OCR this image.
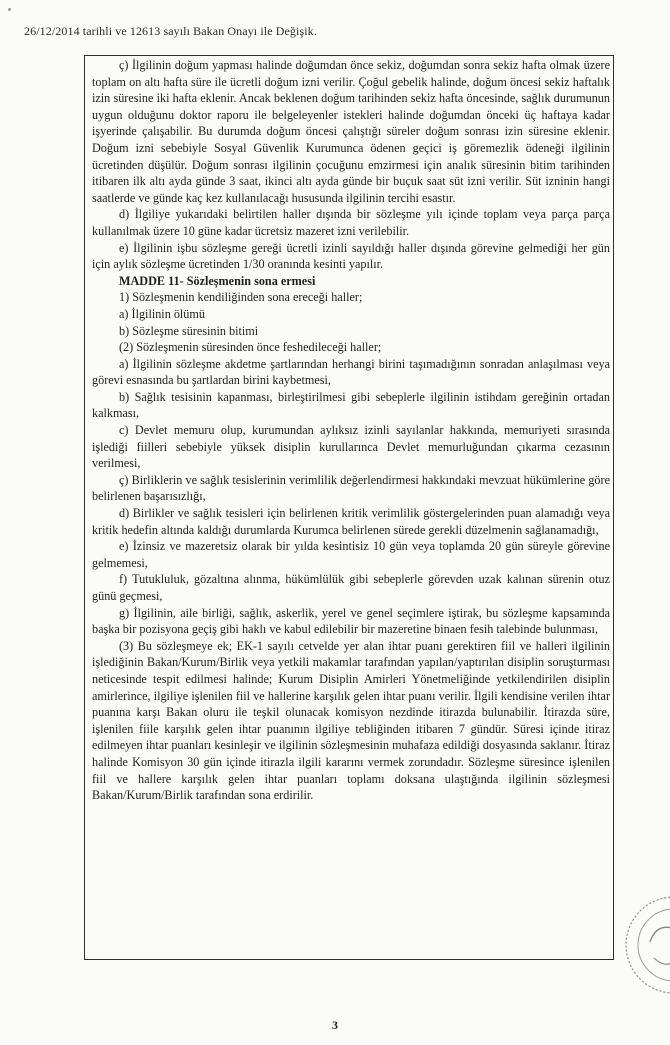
26/12/2014 tarihli ve 12613 sayılı Bakan Onayı ile Değişik.

ç) İlgilinin doğum yapması halinde doğumdan önce sekiz, doğumdan sonra sekiz hafta olmak üzere toplam on altı hafta süre ile ücretli doğum izni verilir. Çoğul gebelik halinde, doğum öncesi sekiz haftalık izin süresine iki hafta eklenir. Ancak beklenen doğum tarihinden sekiz hafta öncesinde, sağlık durumunun uygun olduğunu doktor raporu ile belgeleyenler istekleri halinde doğumdan önceki üç haftaya kadar işyerinde çalışabilir. Bu durumda doğum öncesi çalıştığı süreler doğum sonrası izin süresine eklenir. Doğum izni sebebiyle Sosyal Güvenlik Kurumunca ödenen geçici iş göremezlik ödeneği ilgilinin ücretinden düşülür. Doğum sonrası ilgilinin çocuğunu emzirmesi için analık süresinin bitim tarihinden itibaren ilk altı ayda günde 3 saat, ikinci altı ayda günde bir buçuk saat süt izni verilir. Süt izninin hangi saatlerde ve günde kaç kez kullanılacağı hususunda ilgilinin tercihi esastır.

d) İlgiliye yukarıdaki belirtilen haller dışında bir sözleşme yılı içinde toplam veya parça parça kullanılmak üzere 10 güne kadar ücretsiz mazeret izni verilebilir.

e) İlgilinin işbu sözleşme gereği ücretli izinli sayıldığı haller dışında görevine gelmediği her gün için aylık sözleşme ücretinden 1/30 oranında kesinti yapılır.

MADDE 11- Sözleşmenin sona ermesi

1) Sözleşmenin kendiliğinden sona ereceği haller;

a) İlgilinin ölümü

b) Sözleşme süresinin bitimi

(2) Sözleşmenin süresinden önce feshedileceği haller;

a) İlgilinin sözleşme akdetme şartlarından herhangi birini taşımadığının sonradan anlaşılması veya görevi esnasında bu şartlardan birini kaybetmesi,

b) Sağlık tesisinin kapanması, birleştirilmesi gibi sebeplerle ilgilinin istihdam gereğinin ortadan kalkması,

c) Devlet memuru olup, kurumundan aylıksız izinli sayılanlar hakkında, memuriyeti sırasında işlediği fiilleri sebebiyle yüksek disiplin kurullarınca Devlet memurluğundan çıkarma cezasının verilmesi,

ç) Birliklerin ve sağlık tesislerinin verimlilik değerlendirmesi hakkındaki mevzuat hükümlerine göre belirlenen başarısızlığı,

d) Birlikler ve sağlık tesisleri için belirlenen kritik verimlilik göstergelerinden puan alamadığı veya kritik hedefin altında kaldığı durumlarda Kurumca belirlenen sürede gerekli düzelmenin sağlanamadığı,

e) İzinsiz ve mazeretsiz olarak bir yılda kesintisiz 10 gün veya toplamda 20 gün süreyle görevine gelmemesi,

f) Tutukluluk, gözaltına alınma, hükümlülük gibi sebeplerle görevden uzak kalınan sürenin otuz günü geçmesi,

g) İlgilinin, aile birliği, sağlık, askerlik, yerel ve genel seçimlere iştirak, bu sözleşme kapsamında başka bir pozisyona geçiş gibi haklı ve kabul edilebilir bir mazeretine binaen fesih talebinde bulunması,

(3) Bu sözleşmeye ek; EK-1 sayılı cetvelde yer alan ihtar puanı gerektiren fiil ve halleri ilgilinin işlediğinin Bakan/Kurum/Birlik veya yetkili makamlar tarafından yapılan/yaptırılan disiplin soruşturması neticesinde tespit edilmesi halinde; Kurum Disiplin Amirleri Yönetmeliğinde yetkilendirilen disiplin amirlerince, ilgiliye işlenilen fiil ve hallerine karşılık gelen ihtar puanı verilir. İlgili kendisine verilen ihtar puanına karşı Bakan oluru ile teşkil olunacak komisyon nezdinde itirazda bulunabilir. İtirazda süre, işlenilen fiile karşılık gelen ihtar puanının ilgiliye tebliğinden itibaren 7 gündür. Süresi içinde itiraz edilmeyen ihtar puanları kesinleşir ve ilgilinin sözleşmesinin muhafaza edildiği dosyasında saklanır. İtiraz halinde Komisyon 30 gün içinde itirazla ilgili kararını vermek zorundadır. Sözleşme süresince işlenilen fiil ve hallere karşılık gelen ihtar puanları toplamı doksana ulaştığında ilgilinin sözleşmesi Bakan/Kurum/Birlik tarafından sona erdirilir.

3
